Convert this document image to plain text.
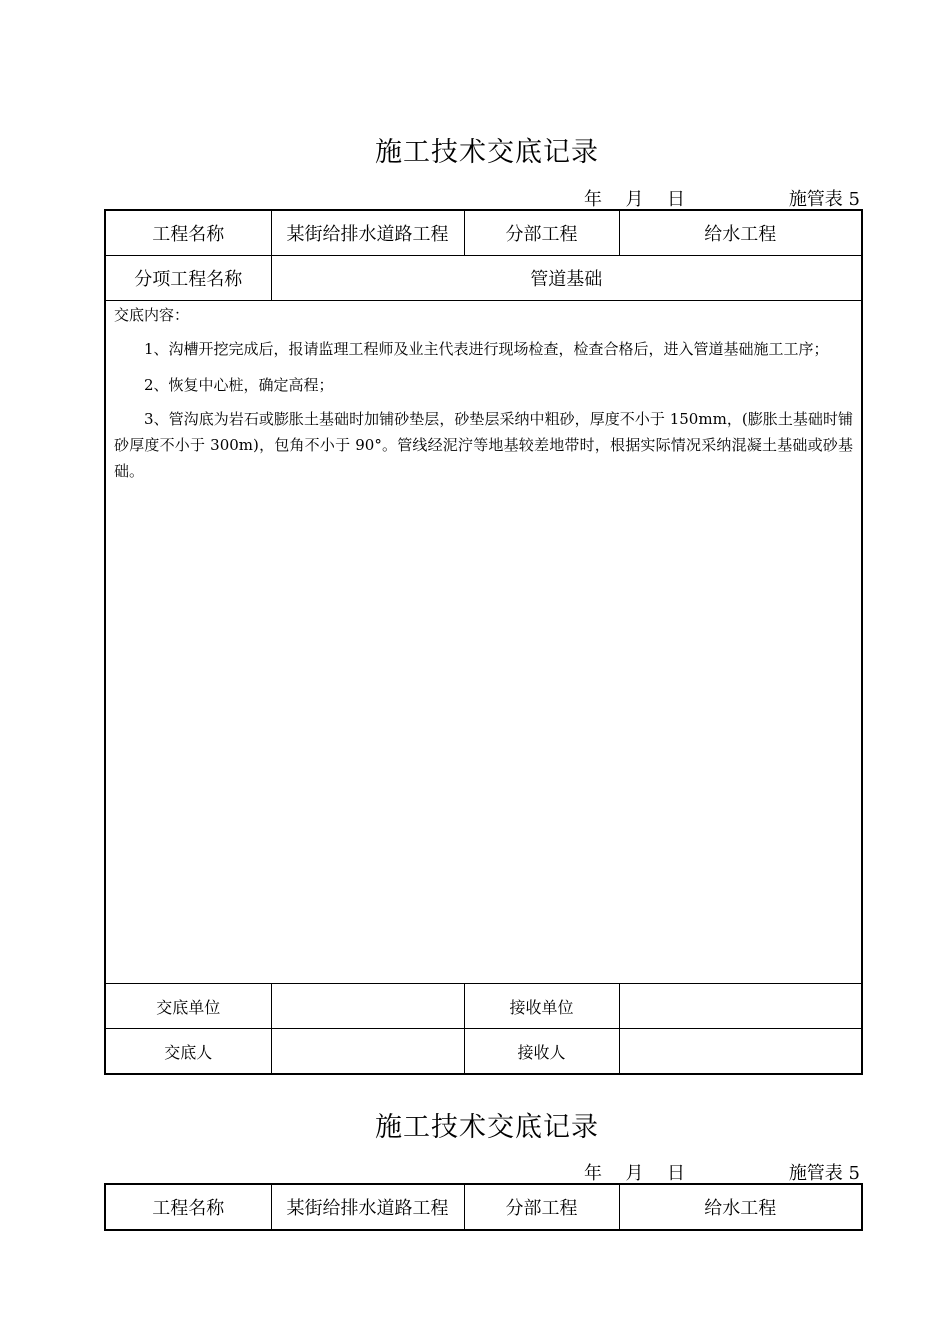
施工技术交底记录
年 月 日	施管表 5
工程名称	某街给排水道路工程	分部工程	给水工程
分项工程名称	管道基础		

交底内容：

1、沟槽开挖完成后，报请监理工程师及业主代表进行现场检查，检查合格后，进入管道基础施工工序；

2、恢复中心桩，确定高程；

3、管沟底为岩石或膨胀土基础时加铺砂垫层，砂垫层采纳中粗砂，厚度不小于 150mm，(膨胀土基础时铺砂厚度不小于 300m)，包角不小于 90°。管线经泥泞等地基较差地带时，根据实际情况采纳混凝土基础或砂基础。			

交底单位		接收单位	
交底人		接收人	
施工技术交底记录
年 月 日	施管表 5
工程名称	某街给排水道路工程	分部工程	给水工程
